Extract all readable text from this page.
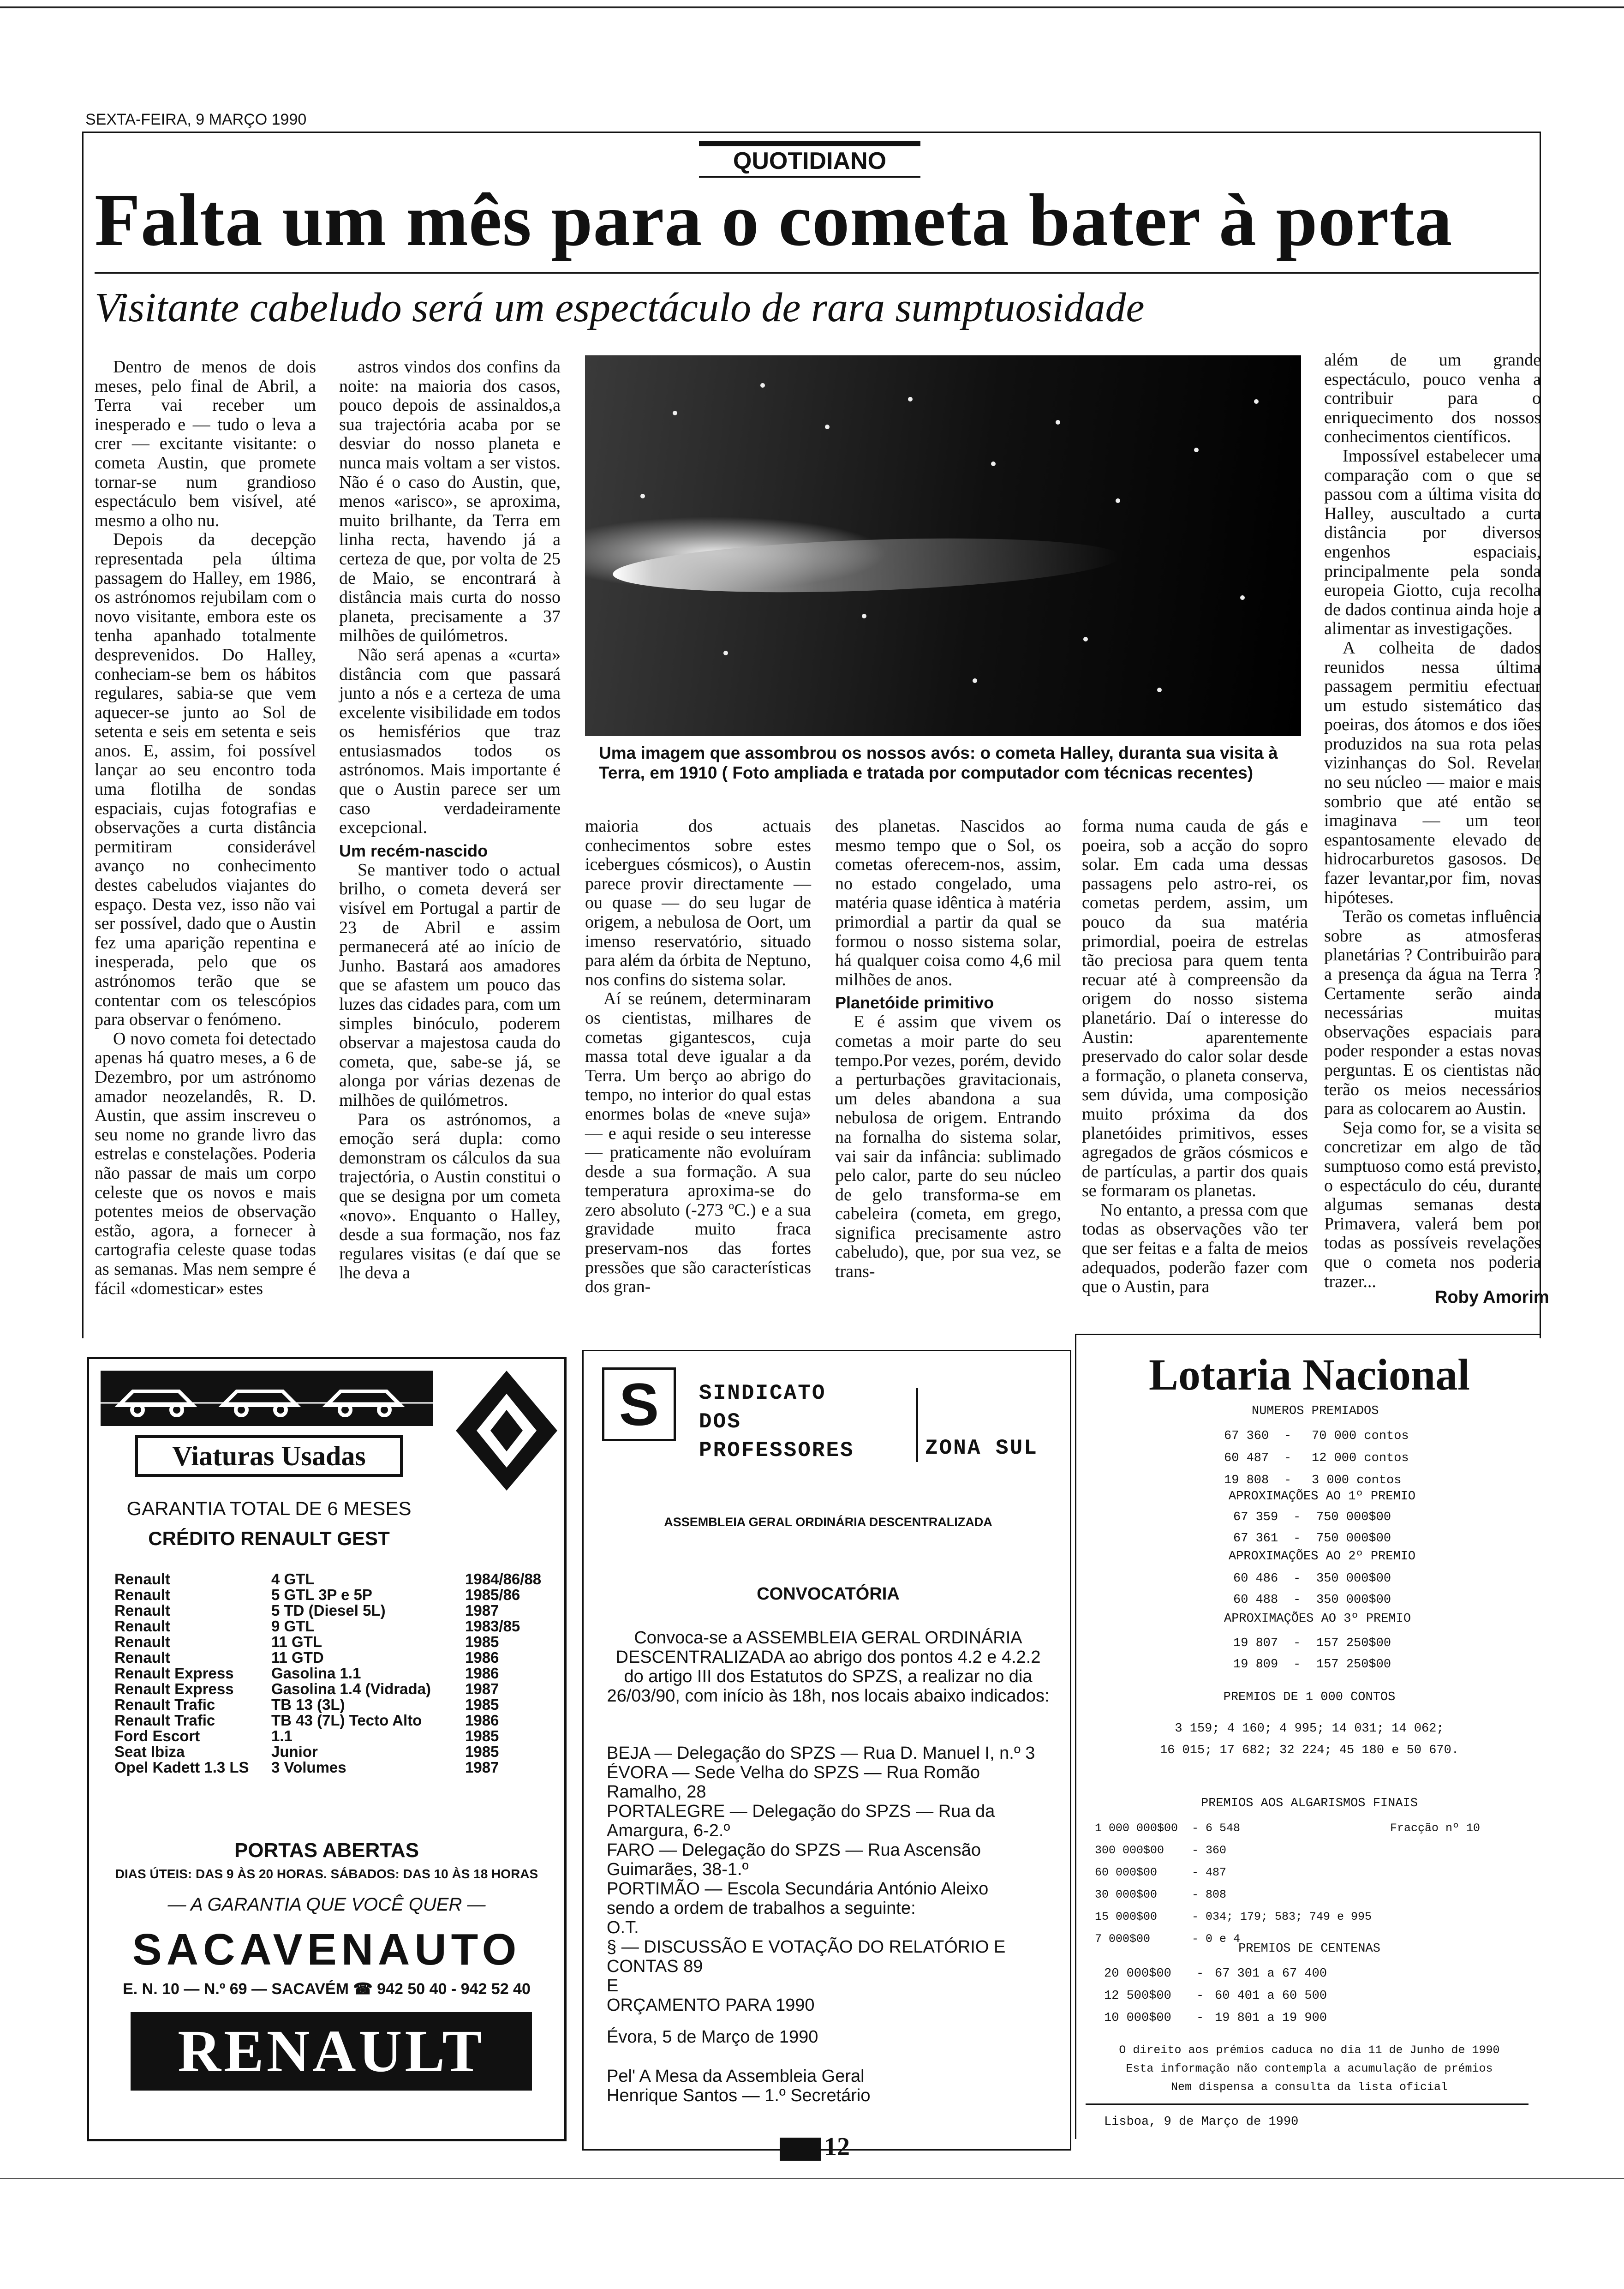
SEXTA-FEIRA, 9 MARÇO 1990
QUOTIDIANO
Falta um mês para o cometa bater à porta
Visitante cabeludo será um espectáculo de rara sumptuosidade

Dentro de menos de dois meses, pelo final de Abril, a Terra vai receber um inesperado e — tudo o leva a crer — excitante visitante: o cometa Austin, que promete tornar-se num grandioso espectáculo bem visível, até mesmo a olho nu.

Depois da decepção representada pela última passagem do Halley, em 1986, os astrónomos rejubilam com o novo visitante, embora este os tenha apanhado totalmente desprevenidos. Do Halley, conheciam-se bem os hábitos regulares, sabia-se que vem aquecer-se junto ao Sol de setenta e seis em setenta e seis anos. E, assim, foi possível lançar ao seu encontro toda uma flotilha de sondas espaciais, cujas fotografias e observações a curta distância permitiram considerável avanço no conhecimento destes cabeludos viajantes do espaço. Desta vez, isso não vai ser possível, dado que o Austin fez uma aparição repentina e inesperada, pelo que os astrónomos terão que se contentar com os telescópios para observar o fenómeno.

O novo cometa foi detectado apenas há quatro meses, a 6 de Dezembro, por um astrónomo amador neozelandês, R. D. Austin, que assim inscreveu o seu nome no grande livro das estrelas e constelações. Poderia não passar de mais um corpo celeste que os novos e mais potentes meios de observação estão, agora, a fornecer à cartografia celeste quase todas as semanas. Mas nem sempre é fácil «domesticar» estes

astros vindos dos confins da noite: na maioria dos casos, pouco depois de assinaldos,a sua trajectória acaba por se desviar do nosso planeta e nunca mais voltam a ser vistos. Não é o caso do Austin, que, menos «arisco», se aproxima, muito brilhante, da Terra em linha recta, havendo já a certeza de que, por volta de 25 de Maio, se encontrará à distância mais curta do nosso planeta, precisamente a 37 milhões de quilómetros.

Não será apenas a «curta» distância com que passará junto a nós e a certeza de uma excelente visibilidade em todos os hemisférios que traz entusiasmados todos os astrónomos. Mais importante é que o Austin parece ser um caso verdadeiramente excepcional.

Um recém-nascido

Se mantiver todo o actual brilho, o cometa deverá ser visível em Portugal a partir de 23 de Abril e assim permanecerá até ao início de Junho. Bastará aos amadores que se afastem um pouco das luzes das cidades para, com um simples binóculo, poderem observar a majestosa cauda do cometa, que, sabe-se já, se alonga por várias dezenas de milhões de quilómetros.

Para os astrónomos, a emoção será dupla: como demonstram os cálculos da sua trajectória, o Austin constitui o que se designa por um cometa «novo». Enquanto o Halley, desde a sua formação, nos faz regulares visitas (e daí que se lhe deva a

Uma imagem que assombrou os nossos avós: o cometa Halley, duranta sua visita à Terra, em 1910 ( Foto ampliada e tratada por computador com técnicas recentes)

maioria dos actuais conhecimentos sobre estes icebergues cósmicos), o Austin parece provir directamente — ou quase — do seu lugar de origem, a nebulosa de Oort, um imenso reservatório, situado para além da órbita de Neptuno, nos confins do sistema solar.

Aí se reúnem, determinaram os cientistas, milhares de cometas gigantescos, cuja massa total deve igualar a da Terra. Um berço ao abrigo do tempo, no interior do qual estas enormes bolas de «neve suja» — e aqui reside o seu interesse — praticamente não evoluíram desde a sua formação. A sua temperatura aproxima-se do zero absoluto (-273 ºC.) e a sua gravidade muito fraca preservam-nos das fortes pressões que são características dos gran-

des planetas. Nascidos ao mesmo tempo que o Sol, os cometas oferecem-nos, assim, no estado congelado, uma matéria quase idêntica à matéria primordial a partir da qual se formou o nosso sistema solar, há qualquer coisa como 4,6 mil milhões de anos.

Planetóide primitivo

E é assim que vivem os cometas a moir parte do seu tempo.Por vezes, porém, devido a perturbações gravitacionais, um deles abandona a sua nebulosa de origem. Entrando na fornalha do sistema solar, vai sair da infância: sublimado pelo calor, parte do seu núcleo de gelo transforma-se em cabeleira (cometa, em grego, significa precisamente astro cabeludo), que, por sua vez, se trans-

forma numa cauda de gás e poeira, sob a acção do sopro solar. Em cada uma dessas passagens pelo astro-rei, os cometas perdem, assim, um pouco da sua matéria primordial, poeira de estrelas tão preciosa para quem tenta recuar até à compreensão da origem do nosso sistema planetário. Daí o interesse do Austin: aparentemente preservado do calor solar desde a formação, o planeta conserva, sem dúvida, uma composição muito próxima da dos planetóides primitivos, esses agregados de grãos cósmicos e de partículas, a partir dos quais se formaram os planetas.

No entanto, a pressa com que todas as observações vão ter que ser feitas e a falta de meios adequados, poderão fazer com que o Austin, para

além de um grande espectáculo, pouco venha a contribuir para o enriquecimento dos nossos conhecimentos científicos.

Impossível estabelecer uma comparação com o que se passou com a última visita do Halley, auscultado a curta distância por diversos engenhos espaciais, principalmente pela sonda europeia Giotto, cuja recolha de dados continua ainda hoje a alimentar as investigações.

A colheita de dados reunidos nessa última passagem permitiu efectuar um estudo sistemático das poeiras, dos átomos e dos iões produzidos na sua rota pelas vizinhanças do Sol. Revelar no seu núcleo — maior e mais sombrio que até então se imaginava — um teor espantosamente elevado de hidrocarburetos gasosos. De fazer levantar,por fim, novas hipóteses.

Terão os cometas influência sobre as atmosferas planetárias ? Contribuirão para a presença da água na Terra ? Certamente serão ainda necessárias muitas observações espaciais para poder responder a estas novas perguntas. E os cientistas não terão os meios necessários para as colocarem ao Austin.

Seja como for, se a visita se concretizar em algo de tão sumptuoso como está previsto, o espectáculo do céu, durante algumas semanas desta Primavera, valerá bem por todas as possíveis revelações que o cometa nos poderia trazer...

Roby Amorim
Viaturas Usadas
GARANTIA TOTAL DE 6 MESES
CRÉDITO RENAULT GEST
Renault	4 GTL	1984/86/88
Renault	5 GTL 3P e 5P	1985/86
Renault	5 TD (Diesel 5L)	1987
Renault	9 GTL	1983/85
Renault	11 GTL	1985
Renault	11 GTD	1986
Renault Express	Gasolina 1.1	1986
Renault Express	Gasolina 1.4 (Vidrada)	1987
Renault Trafic	TB 13 (3L)	1985
Renault Trafic	TB 43 (7L) Tecto Alto	1986
Ford Escort	1.1	1985
Seat Ibiza	Junior	1985
Opel Kadett 1.3 LS	3 Volumes	1987
PORTAS ABERTAS
DIAS ÚTEIS: DAS 9 ÀS 20 HORAS. SÁBADOS: DAS 10 ÀS 18 HORAS
— A GARANTIA QUE VOCÊ QUER —
SACAVENAUTO
E. N. 10 — N.º 69 — SACAVÉM ☎ 942 50 40 - 942 52 40
RENAULT
S	SINDICATO
DOS
PROFESSORES	ZONA SUL
ASSEMBLEIA GERAL ORDINÁRIA DESCENTRALIZADA
CONVOCATÓRIA
Convoca-se a ASSEMBLEIA GERAL ORDINÁRIA DESCENTRALIZADA ao abrigo dos pontos 4.2 e 4.2.2 do artigo III dos Estatutos do SPZS, a realizar no dia 26/03/90, com início às 18h, nos locais abaixo indicados:
BEJA — Delegação do SPZS — Rua D. Manuel I, n.º 3
ÉVORA — Sede Velha do SPZS — Rua Romão Ramalho, 28
PORTALEGRE — Delegação do SPZS — Rua da Amargura, 6-2.º
FARO — Delegação do SPZS — Rua Ascensão Guimarães, 38-1.º
PORTIMÃO — Escola Secundária António Aleixo
sendo a ordem de trabalhos a seguinte:
O.T.
§ — DISCUSSÃO E VOTAÇÃO DO RELATÓRIO E CONTAS 89
E
ORÇAMENTO PARA 1990
Évora, 5 de Março de 1990
Pel' A Mesa da Assembleia Geral
Henrique Santos — 1.º Secretário
Lotaria Nacional
NUMEROS PREMIADOS
67 360	-	70 000 contos
60 487	-	12 000 contos
19 808	-	3 000 contos
APROXIMAÇÕES AO 1º PREMIO
67 359	-	750 000$00
67 361	-	750 000$00
APROXIMAÇÕES AO 2º PREMIO
60 486	-	350 000$00
60 488	-	350 000$00
APROXIMAÇÕES AO 3º PREMIO
19 807	-	157 250$00
19 809	-	157 250$00
PREMIOS DE 1 000 CONTOS
3 159; 4 160; 4 995; 14 031; 14 062;
16 015; 17 682; 32 224; 45 180 e 50 670.
PREMIOS AOS ALGARISMOS FINAIS
1 000 000$00	- 6 548	Fracção nº 10
300 000$00	- 360
60 000$00	- 487
30 000$00	- 808
15 000$00	- 034; 179; 583; 749 e 995
7 000$00	- 0 e 4
PREMIOS DE CENTENAS
20 000$00	- 67 301 a 67 400
12 500$00	- 60 401 a 60 500
10 000$00	- 19 801 a 19 900
O direito aos prémios caduca no dia 11 de Junho de 1990
Esta informação não contempla a acumulação de prémios
Nem dispensa a consulta da lista oficial
Lisboa, 9 de Março de 1990
12
